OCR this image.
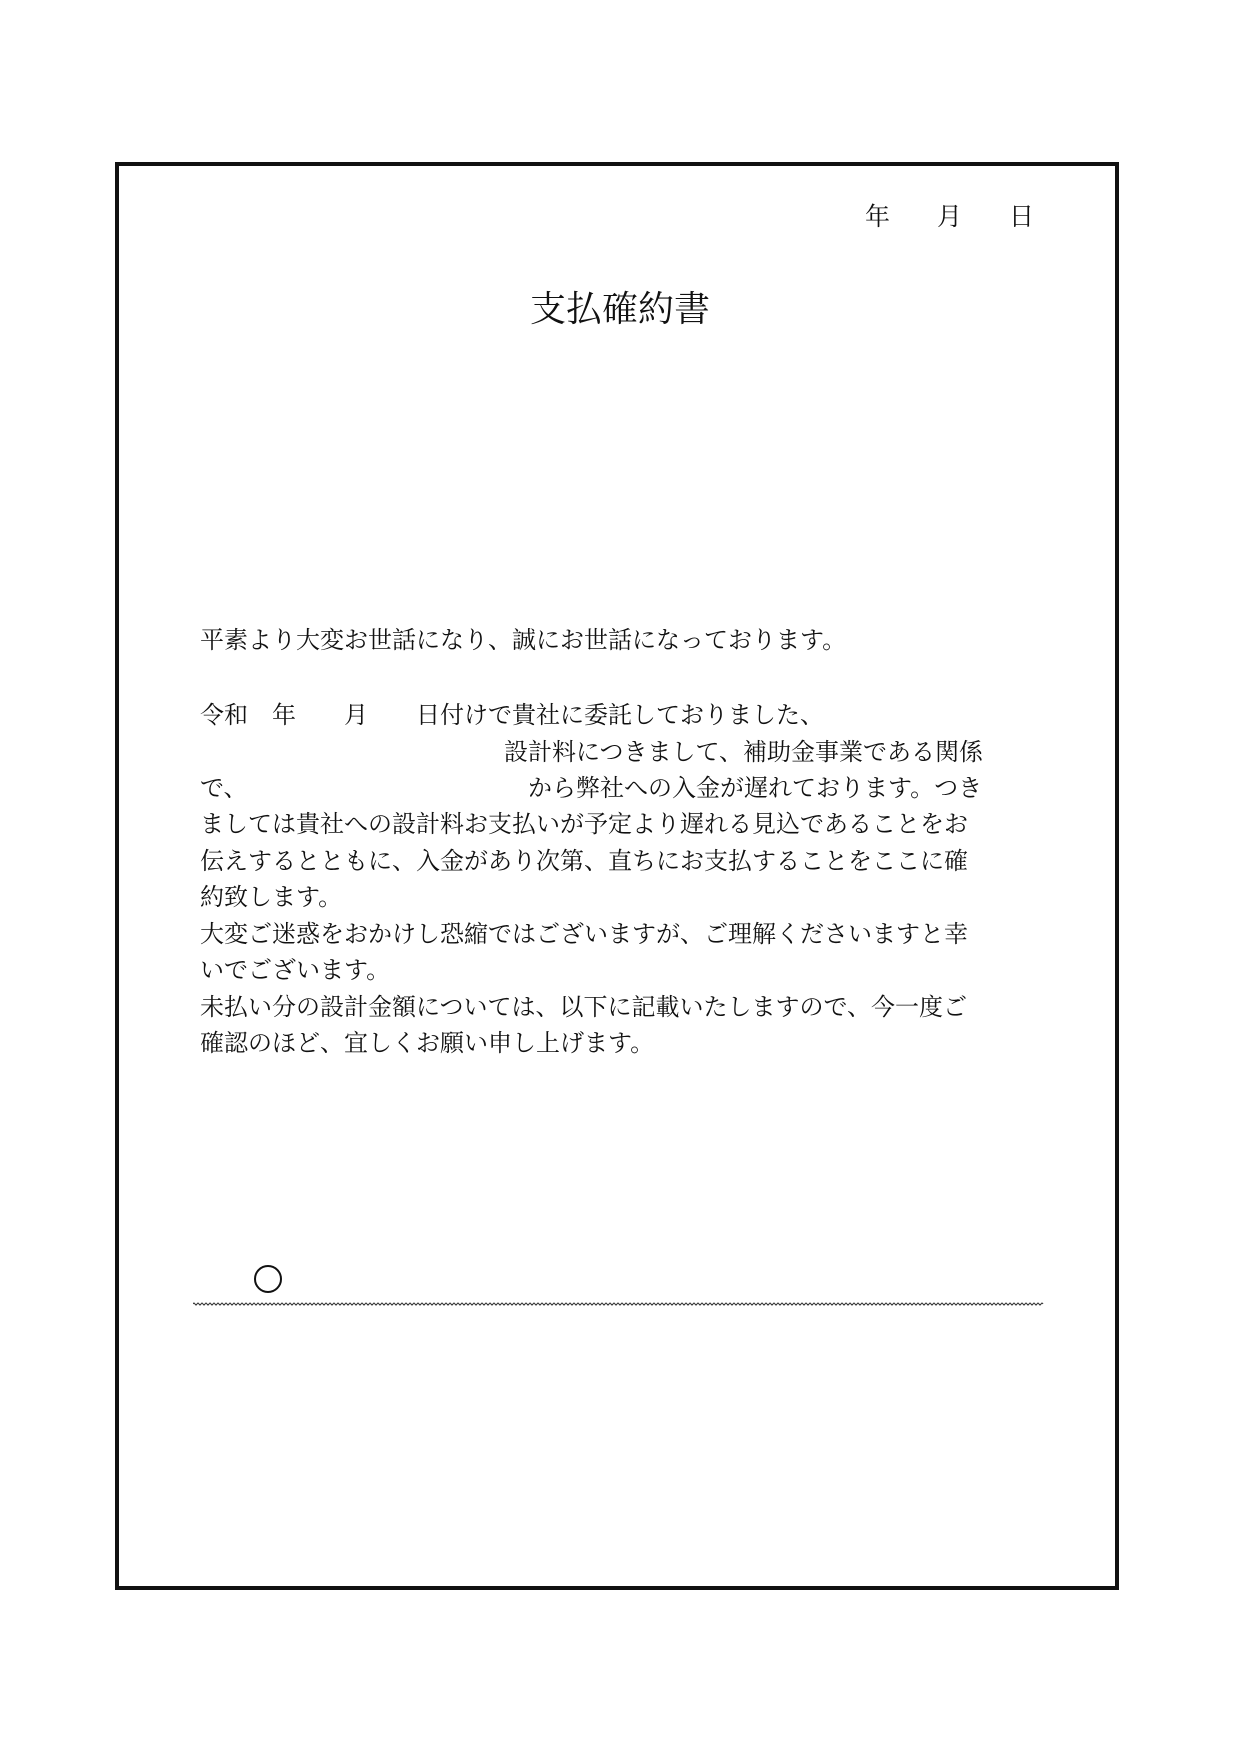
年 月 日
支払確約書
平素より大変お世話になり、誠にお世話になっております。
令和　年　　月　　日付けで貴社に委託しておりました、
設計料につきまして、補助金事業である関係
で、	から弊社への入金が遅れております。つき
ましては貴社への設計料お支払いが予定より遅れる見込であることをお
伝えするとともに、入金があり次第、直ちにお支払することをここに確
約致します。
大変ご迷惑をおかけし恐縮ではございますが、ご理解くださいますと幸
いでございます。
未払い分の設計金額については、以下に記載いたしますので、今一度ご
確認のほど、宜しくお願い申し上げます。
